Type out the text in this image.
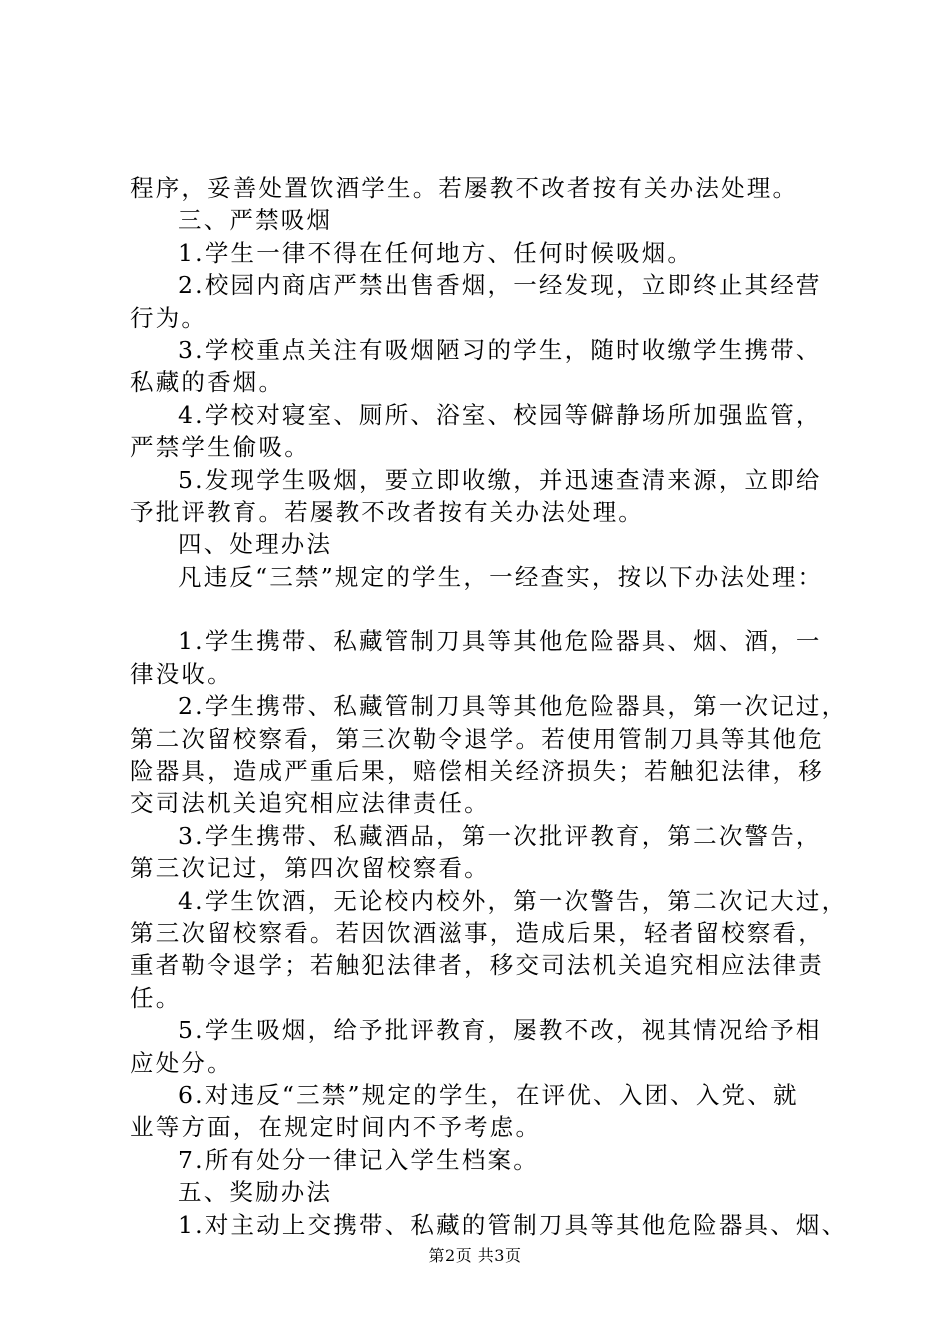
程序，妥善处置饮酒学生。若屡教不改者按有关办法处理。
三、严禁吸烟
1.学生一律不得在任何地方、任何时候吸烟。
2.校园内商店严禁出售香烟，一经发现，立即终止其经营
行为。
3.学校重点关注有吸烟陋习的学生，随时收缴学生携带、
私藏的香烟。
4.学校对寝室、厕所、浴室、校园等僻静场所加强监管，
严禁学生偷吸。
5.发现学生吸烟，要立即收缴，并迅速查清来源，立即给
予批评教育。若屡教不改者按有关办法处理。
四、处理办法
凡违反“三禁”规定的学生，一经查实，按以下办法处理：
1.学生携带、私藏管制刀具等其他危险器具、烟、酒，一
律没收。
2.学生携带、私藏管制刀具等其他危险器具，第一次记过，
第二次留校察看，第三次勒令退学。若使用管制刀具等其他危
险器具，造成严重后果，赔偿相关经济损失；若触犯法律，移
交司法机关追究相应法律责任。
3.学生携带、私藏酒品，第一次批评教育，第二次警告，
第三次记过，第四次留校察看。
4.学生饮酒，无论校内校外，第一次警告，第二次记大过，
第三次留校察看。若因饮酒滋事，造成后果，轻者留校察看，
重者勒令退学；若触犯法律者，移交司法机关追究相应法律责
任。
5.学生吸烟，给予批评教育，屡教不改，视其情况给予相
应处分。
6.对违反“三禁”规定的学生，在评优、入团、入党、就
业等方面，在规定时间内不予考虑。
7.所有处分一律记入学生档案。
五、奖励办法
1.对主动上交携带、私藏的管制刀具等其他危险器具、烟、
第2页 共3页
